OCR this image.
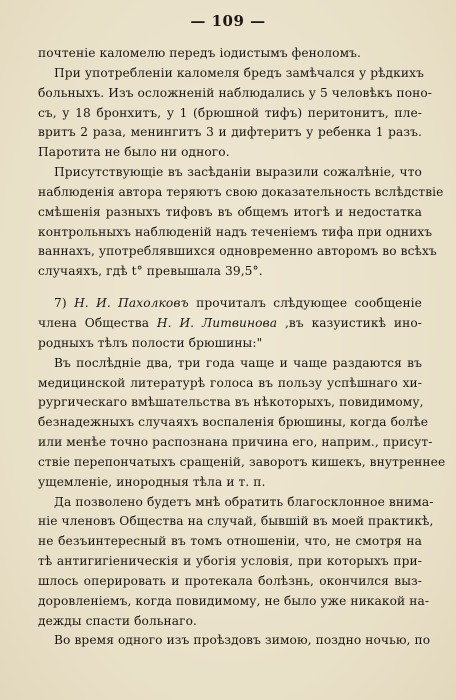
— 109 —
почтеніе каломелю передъ іодистымъ феноломъ.
При употребленіи каломеля бредъ замѣчался у рѣдкихъ
больныхъ. Изъ осложненій наблюдались у 5 человѣкъ поно-
съ, у 18 бронхитъ, у 1 (брюшной тифъ) перитонитъ, пле-
вритъ 2 раза, менингитъ 3 и дифтеритъ у ребенка 1 разъ.
Паротита не было ни одного.
Присутствующіе въ засѣданіи выразили сожалѣніе, что
наблюденія автора теряютъ свою доказательность вслѣдствіе
смѣшенія разныхъ тифовъ въ общемъ итогѣ и недостатка
контрольныхъ наблюденій надъ теченіемъ тифа при однихъ
ваннахъ, употреблявшихся одновременно авторомъ во всѣхъ
случаяхъ, гдѣ t° превышала 39,5°.
7) Н. И. Пахолковъ прочиталъ слѣдующее сообщеніе
члена Общества Н. И. Литвинова ,въ казуистикѣ ино-
родныхъ тѣлъ полости брюшины:"
Въ послѣдніе два, три года чаще и чаще раздаются въ
медицинской литературѣ голоса въ пользу успѣшнаго хи-
рургическаго вмѣшательства въ нѣкоторыхъ, повидимому,
безнадежныхъ случаяхъ воспаленія брюшины, когда болѣе
или менѣе точно распознана причина его, наприм., присут-
ствіе перепончатыхъ сращеній, заворотъ кишекъ, внутреннее
ущемленіе, инородныя тѣла и т. п.
Да позволено будетъ мнѣ обратить благосклонное внима-
ніе членовъ Общества на случай, бывшій въ моей практикѣ,
не безъинтересный въ томъ отношеніи, что, не смотря на
тѣ антигигіеническія и убогія условія, при которыхъ при-
шлось оперировать и протекала болѣзнь, окончился выз-
доровленіемъ, когда повидимому, не было уже никакой на-
дежды спасти больнаго.
Во время одного изъ проѣздовъ зимою, поздно ночью, по
